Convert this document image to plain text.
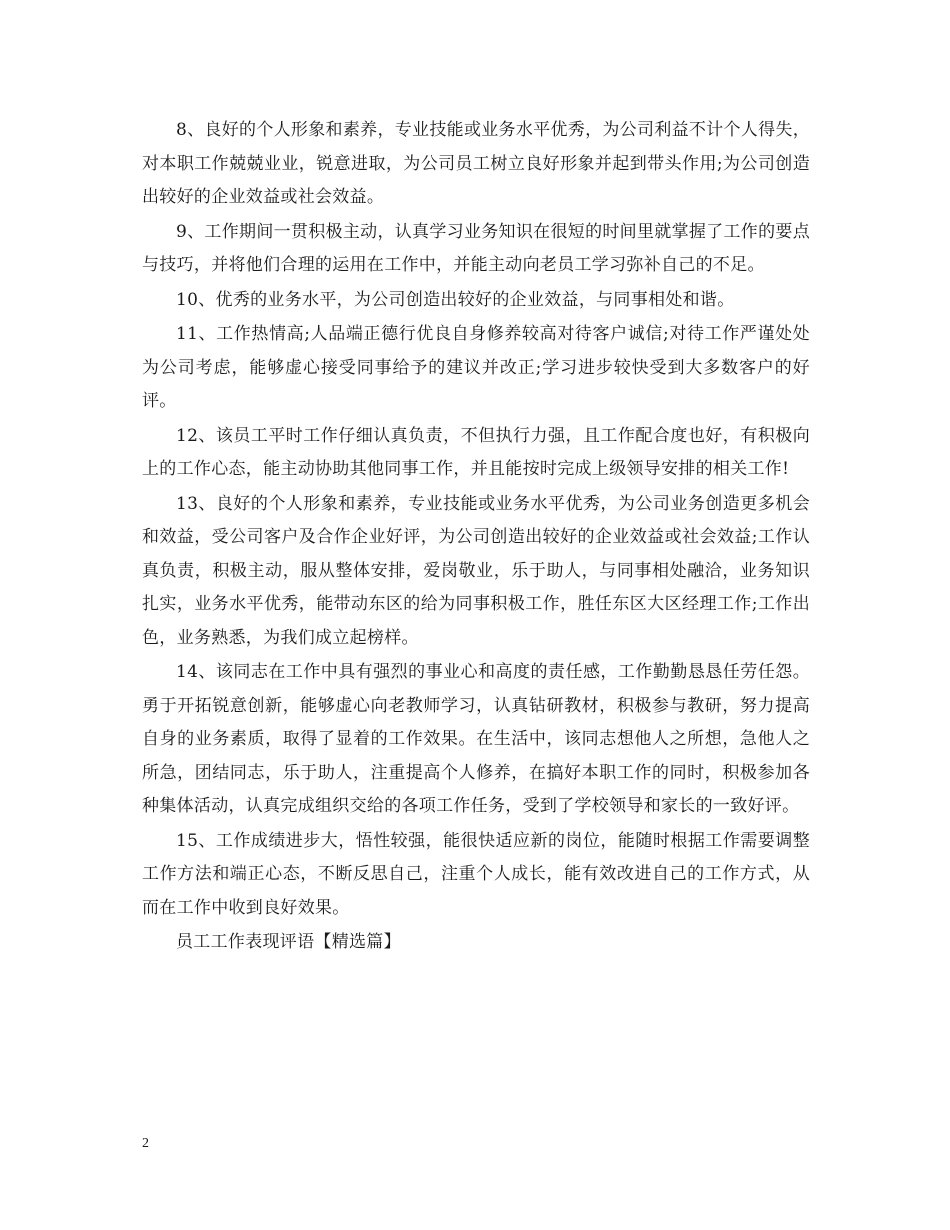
8、良好的个人形象和素养，专业技能或业务水平优秀，为公司利益不计个人得失，对本职工作兢兢业业，锐意进取，为公司员工树立良好形象并起到带头作用;为公司创造出较好的企业效益或社会效益。

9、工作期间一贯积极主动，认真学习业务知识在很短的时间里就掌握了工作的要点与技巧，并将他们合理的运用在工作中，并能主动向老员工学习弥补自己的不足。

10、优秀的业务水平，为公司创造出较好的企业效益，与同事相处和谐。

11、工作热情高;人品端正德行优良自身修养较高对待客户诚信;对待工作严谨处处为公司考虑，能够虚心接受同事给予的建议并改正;学习进步较快受到大多数客户的好评。

12、该员工平时工作仔细认真负责，不但执行力强，且工作配合度也好，有积极向上的工作心态，能主动协助其他同事工作，并且能按时完成上级领导安排的相关工作!

13、良好的个人形象和素养，专业技能或业务水平优秀，为公司业务创造更多机会和效益，受公司客户及合作企业好评，为公司创造出较好的企业效益或社会效益;工作认真负责，积极主动，服从整体安排，爱岗敬业，乐于助人，与同事相处融洽，业务知识扎实，业务水平优秀，能带动东区的给为同事积极工作，胜任东区大区经理工作;工作出色，业务熟悉，为我们成立起榜样。

14、该同志在工作中具有强烈的事业心和高度的责任感，工作勤勤恳恳任劳任怨。勇于开拓锐意创新，能够虚心向老教师学习，认真钻研教材，积极参与教研，努力提高自身的业务素质，取得了显着的工作效果。在生活中，该同志想他人之所想，急他人之所急，团结同志，乐于助人，注重提高个人修养，在搞好本职工作的同时，积极参加各种集体活动，认真完成组织交给的各项工作任务，受到了学校领导和家长的一致好评。

15、工作成绩进步大，悟性较强，能很快适应新的岗位，能随时根据工作需要调整工作方法和端正心态，不断反思自己，注重个人成长，能有效改进自己的工作方式，从而在工作中收到良好效果。

员工工作表现评语【精选篇】

2
